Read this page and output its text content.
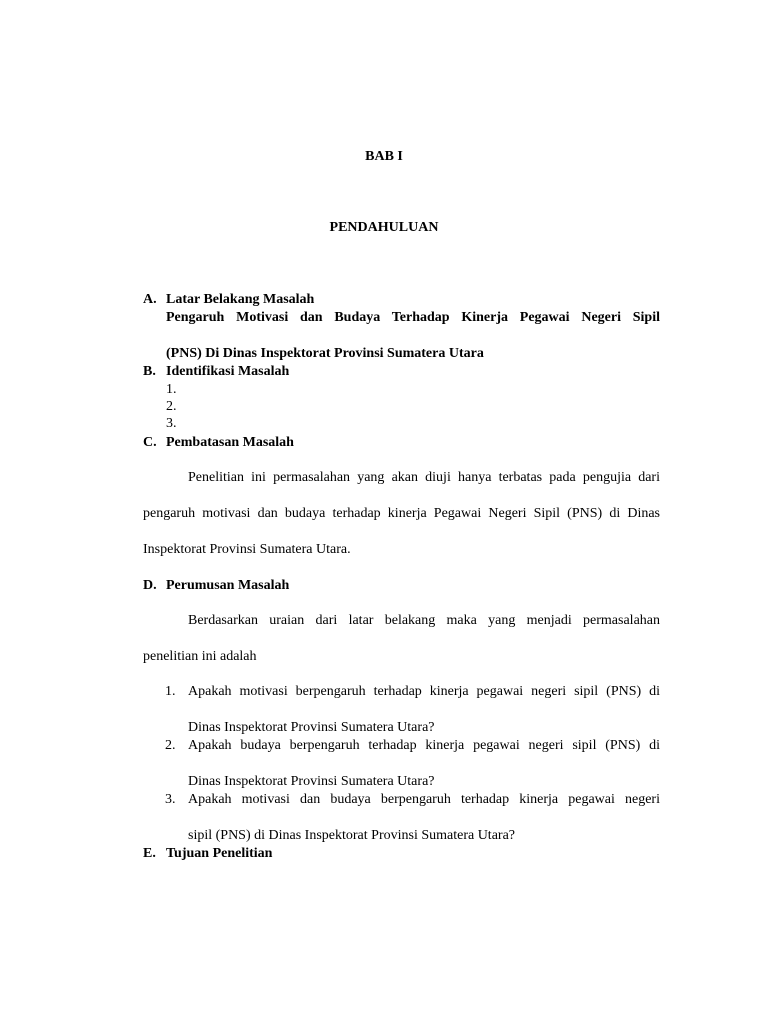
BAB I
PENDAHULUAN
A. Latar Belakang Masalah
Pengaruh Motivasi dan Budaya Terhadap Kinerja Pegawai Negeri Sipil
(PNS) Di Dinas Inspektorat Provinsi Sumatera Utara
B. Identifikasi Masalah
1.
2.
3.
C. Pembatasan Masalah
Penelitian ini permasalahan yang akan diuji hanya terbatas pada pengujia dari
pengaruh motivasi dan budaya terhadap kinerja Pegawai Negeri Sipil (PNS) di Dinas
Inspektorat Provinsi Sumatera Utara.
D. Perumusan Masalah
Berdasarkan uraian dari latar belakang maka yang menjadi permasalahan
penelitian ini adalah
1. Apakah motivasi berpengaruh terhadap kinerja pegawai negeri sipil (PNS) di
Dinas Inspektorat Provinsi Sumatera Utara?
2. Apakah budaya berpengaruh terhadap kinerja pegawai negeri sipil (PNS) di
Dinas Inspektorat Provinsi Sumatera Utara?
3. Apakah motivasi dan budaya berpengaruh terhadap kinerja pegawai negeri
sipil (PNS) di Dinas Inspektorat Provinsi Sumatera Utara?
E. Tujuan Penelitian
